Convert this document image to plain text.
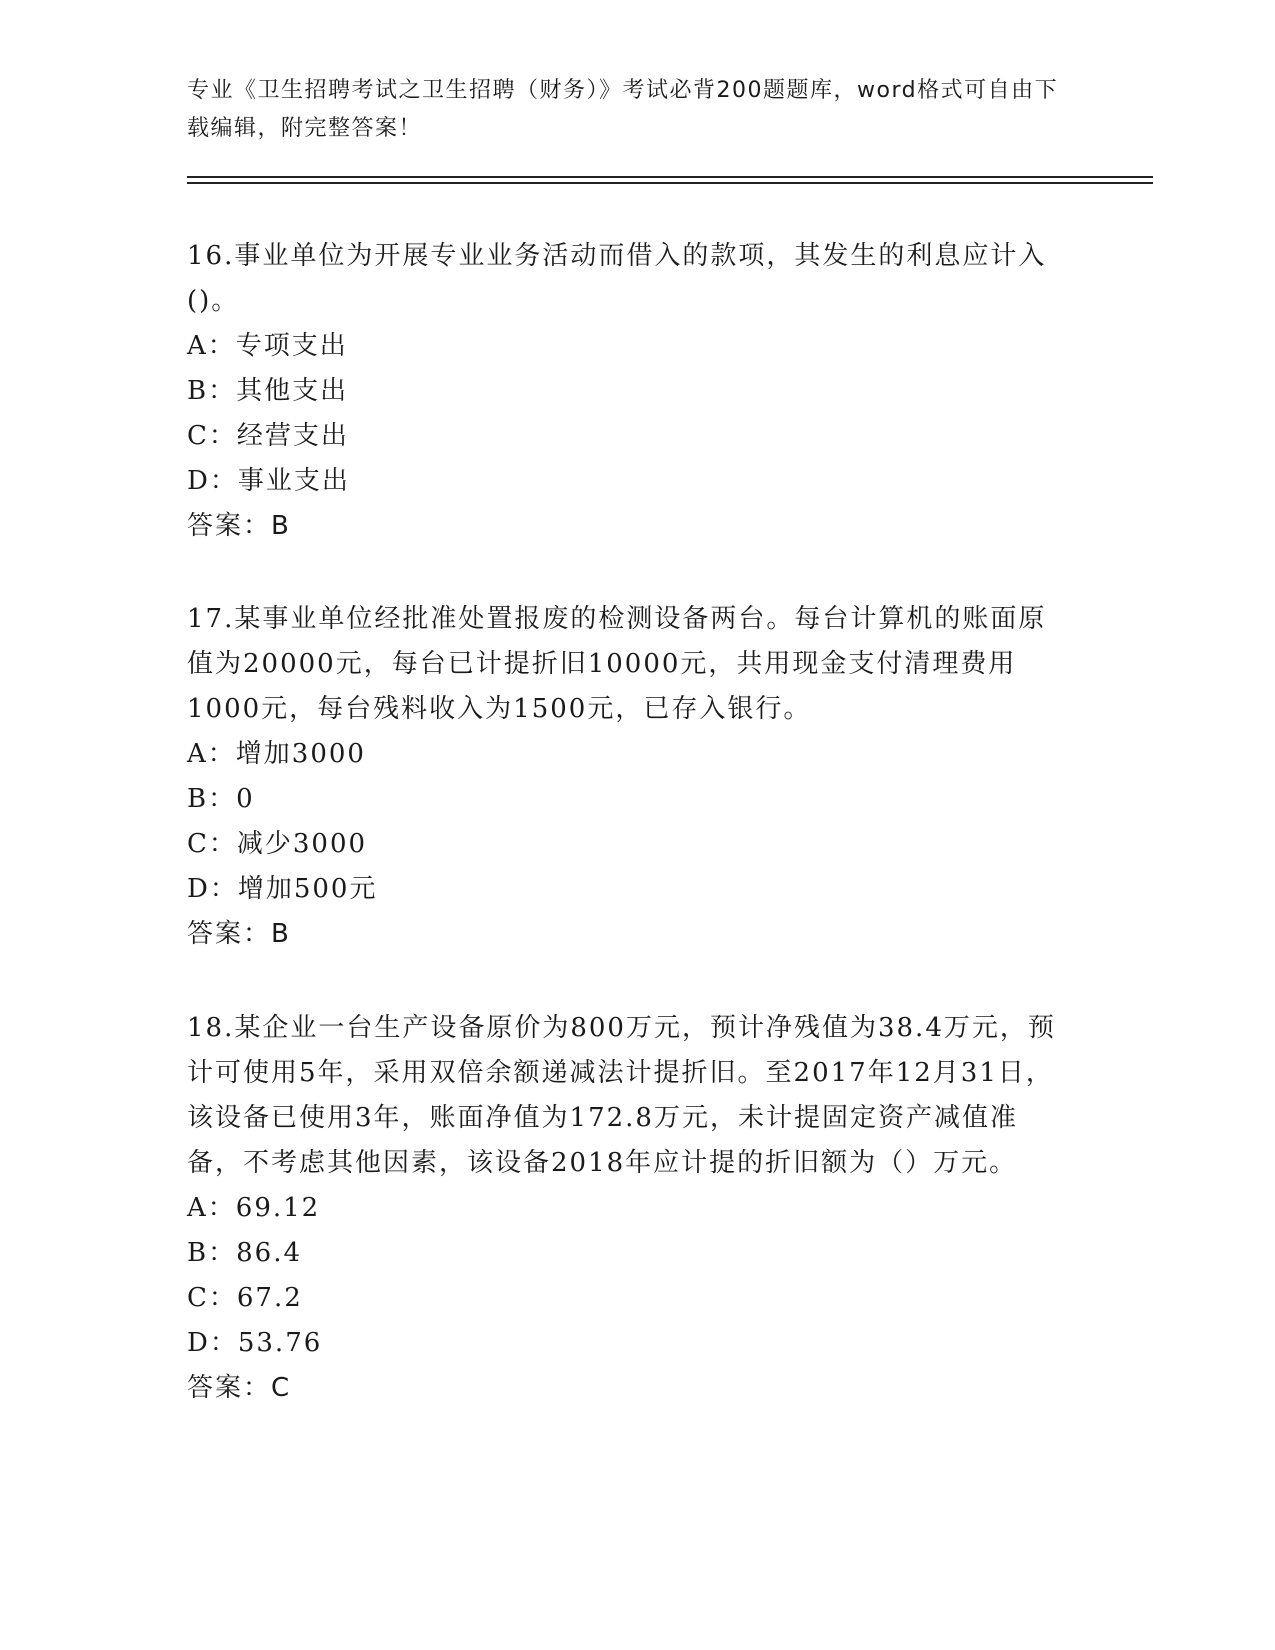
专业《卫生招聘考试之卫生招聘（财务）》考试必背200题题库，word格式可自由下载编辑，附完整答案！

16.事业单位为开展专业业务活动而借入的款项，其发生的利息应计入()。

A：专项支出

B：其他支出

C：经营支出

D：事业支出

答案：B

17.某事业单位经批准处置报废的检测设备两台。每台计算机的账面原值为20000元，每台已计提折旧10000元，共用现金支付清理费用1000元，每台残料收入为1500元，已存入银行。

A：增加3000

B：0

C：减少3000

D：增加500元

答案：B

18.某企业一台生产设备原价为800万元，预计净残值为38.4万元，预计可使用5年，采用双倍余额递减法计提折旧。至2017年12月31日，该设备已使用3年，账面净值为172.8万元，未计提固定资产减值准备，不考虑其他因素，该设备2018年应计提的折旧额为（）万元。

A：69.12

B：86.4

C：67.2

D：53.76

答案：C
